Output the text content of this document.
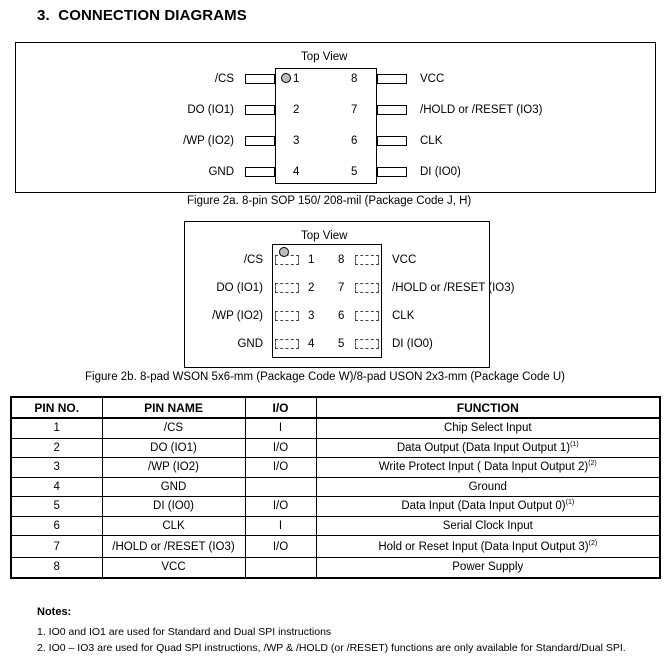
3. CONNECTION DIAGRAMS
Top View
1
2
3
4
8
7
6
5
/CS
DO (IO1)
/WP (IO2)
GND
VCC
/HOLD or /RESET (IO3)
CLK
DI (IO0)
Figure 2a. 8-pin SOP 150/ 208-mil (Package Code J, H)
Top View
1
2
3
4
8
7
6
5
/CS
DO (IO1)
/WP (IO2)
GND
VCC
/HOLD or /RESET (IO3)
CLK
DI (IO0)
Figure 2b. 8-pad WSON 5x6-mm (Package Code W)/8-pad USON 2x3-mm (Package Code U)
PIN NO.	PIN NAME	I/O	FUNCTION
1	/CS	I	Chip Select Input
2	DO (IO1)	I/O	Data Output (Data Input Output 1)$^{(1)}$
3	/WP (IO2)	I/O	Write Protect Input ( Data Input Output 2)$^{(2)}$
4	GND		Ground
5	DI (IO0)	I/O	Data Input (Data Input Output 0)$^{(1)}$
6	CLK	I	Serial Clock Input
7	/HOLD or /RESET (IO3)	I/O	Hold or Reset Input (Data Input Output 3)$^{(2)}$
8	VCC		Power Supply
Notes:
1. IO0 and IO1 are used for Standard and Dual SPI instructions
2. IO0 – IO3 are used for Quad SPI instructions, /WP & /HOLD (or /RESET) functions are only available for Standard/Dual SPI.
